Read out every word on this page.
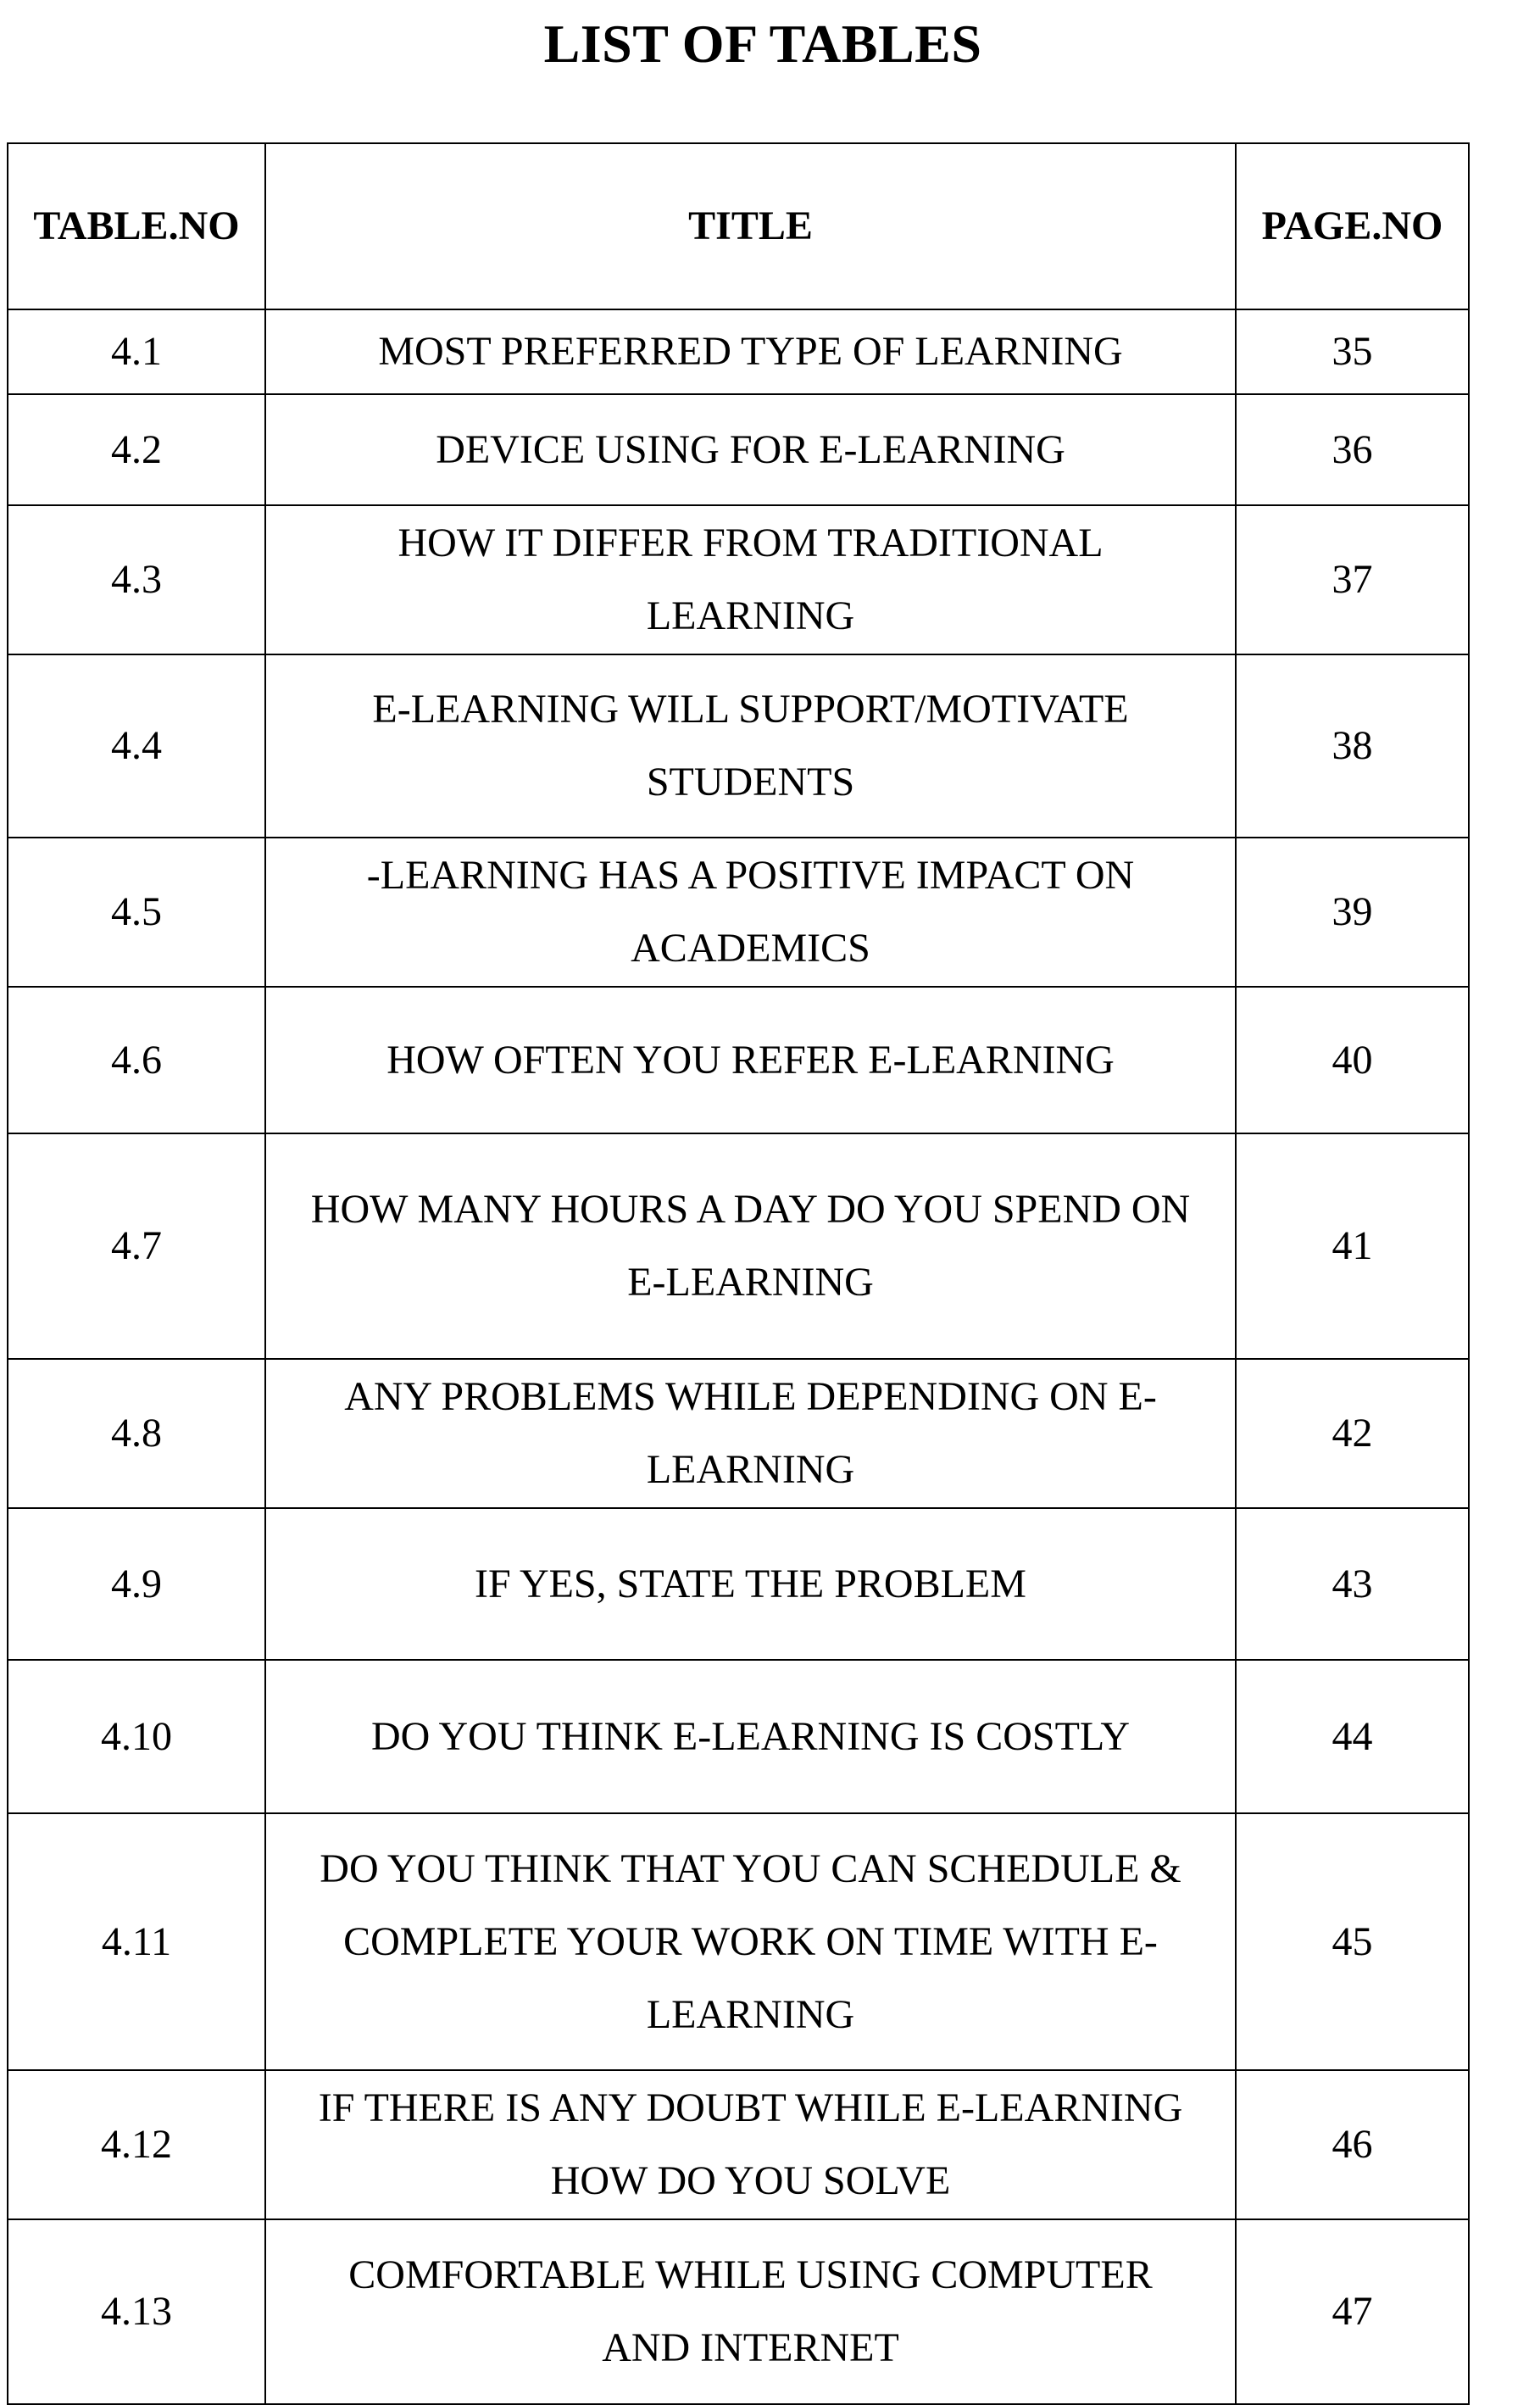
LIST OF TABLES
TABLE.NO	TITLE	PAGE.NO
4.1	MOST PREFERRED TYPE OF LEARNING	35
4.2	DEVICE USING FOR E-LEARNING	36
4.3	HOW IT DIFFER FROM TRADITIONAL LEARNING	37
4.4	E-LEARNING WILL SUPPORT/MOTIVATE STUDENTS	38
4.5	-LEARNING HAS A POSITIVE IMPACT ON ACADEMICS	39
4.6	HOW OFTEN YOU REFER E-LEARNING	40
4.7	HOW MANY HOURS A DAY DO YOU SPEND ON E-LEARNING	41
4.8	ANY PROBLEMS WHILE DEPENDING ON E-LEARNING	42
4.9	IF YES, STATE THE PROBLEM	43
4.10	DO YOU THINK E-LEARNING IS COSTLY	44
4.11	DO YOU THINK THAT YOU CAN SCHEDULE & COMPLETE YOUR WORK ON TIME WITH E-LEARNING	45
4.12	IF THERE IS ANY DOUBT WHILE E-LEARNING HOW DO YOU SOLVE	46
4.13	COMFORTABLE WHILE USING COMPUTER AND INTERNET	47
